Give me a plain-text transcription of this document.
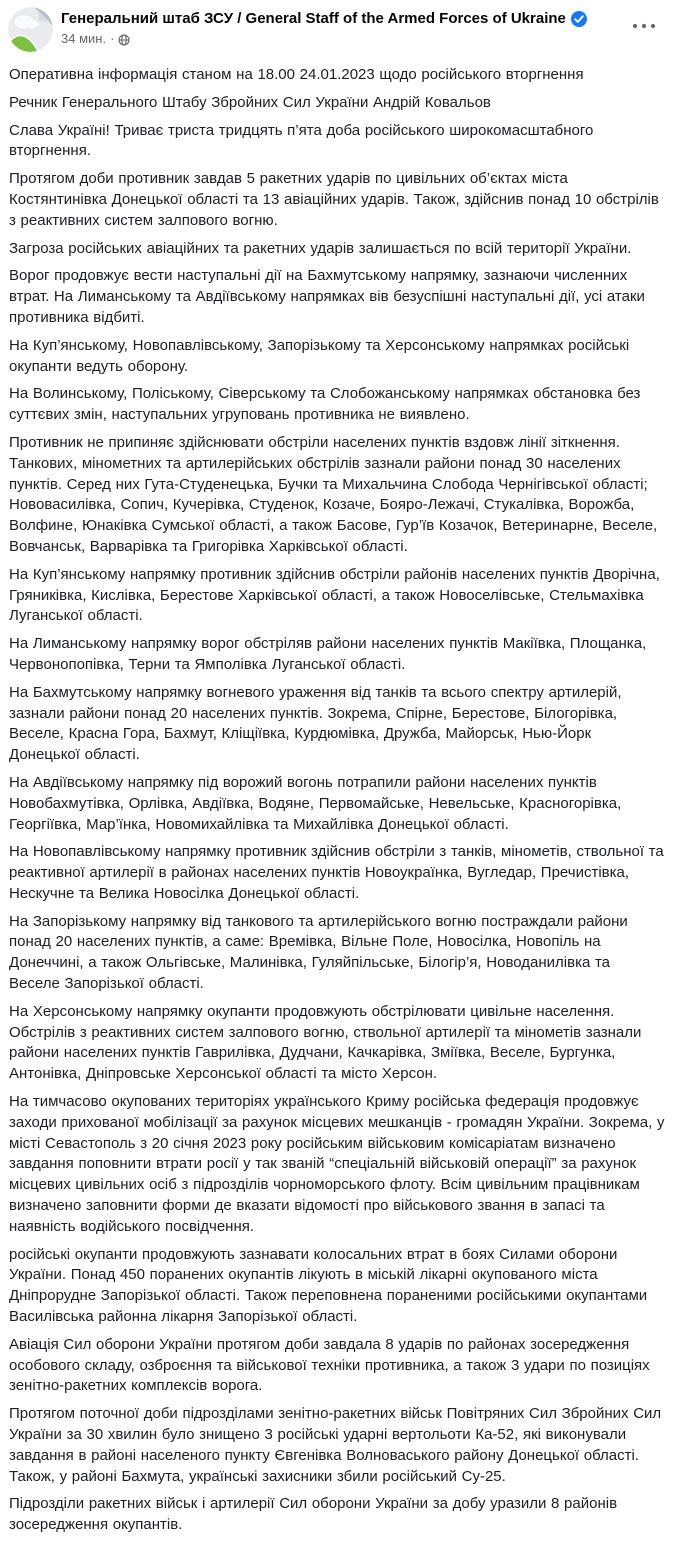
Генеральний штаб ЗСУ / General Staff of the Armed Forces of Ukraine
34 мин. ·

Оперативна інформація станом на 18.00 24.01.2023 щодо російського вторгнення

Речник Генерального Штабу Збройних Сил України Андрій Ковальов

Слава Україні! Триває триста тридцять п’ята доба російського широкомасштабного вторгнення.

Протягом доби противник завдав 5 ракетних ударів по цивільних об’єктах міста Костянтинівка Донецької області та 13 авіаційних ударів. Також, здійснив понад 10 обстрілів з реактивних систем залпового вогню.

Загроза російських авіаційних та ракетних ударів залишається по всій території України.

Ворог продовжує вести наступальні дії на Бахмутському напрямку, зазнаючи численних втрат. На Лиманському та Авдіївському напрямках вів безуспішні наступальні дії, усі атаки противника відбиті.

На Куп’янському, Новопавлівському, Запорізькому та Херсонському напрямках російські окупанти ведуть оборону.

На Волинському, Поліському, Сіверському та Слобожанському напрямках обстановка без суттєвих змін, наступальних угруповань противника не виявлено.

Противник не припиняє здійснювати обстріли населених пунктів вздовж лінії зіткнення. Танкових, мінометних та артилерійських обстрілів зазнали райони понад 30 населених пунктів. Серед них Гута-Студенецька, Бучки та Михальчина Слобода Чернігівської області; Нововасилівка, Сопич, Кучерівка, Студенок, Козаче, Бояро-Лежачі, Стукалівка, Ворожба, Волфине, Юнаківка Сумської області, а також Басове, Гур’їв Козачок, Ветеринарне, Веселе, Вовчанськ, Варварівка та Григорівка Харківської області.

На Куп’янському напрямку противник здійснив обстріли районів населених пунктів Дворічна, Гряниківка, Кислівка, Берестове Харківської області, а також Новоселівське, Стельмахівка Луганської області.

На Лиманському напрямку ворог обстріляв райони населених пунктів Макіївка, Площанка, Червонопопівка, Терни та Ямполівка Луганської області.

На Бахмутському напрямку вогневого ураження від танків та всього спектру артилерій, зазнали райони понад 20 населених пунктів. Зокрема, Спірне, Берестове, Білогорівка, Веселе, Красна Гора, Бахмут, Кліщіївка, Курдюмівка, Дружба, Майорськ, Нью-Йорк Донецької області.

На Авдіївському напрямку під ворожий вогонь потрапили райони населених пунктів Новобахмутівка, Орлівка, Авдіївка, Водяне, Первомайське, Невельське, Красногорівка, Георгіївка, Мар’їнка, Новомихайлівка та Михайлівка Донецької області.

На Новопавлівському напрямку противник здійснив обстріли з танків, мінометів, ствольної та реактивної артилерії в районах населених пунктів Новоукраїнка, Вугледар, Пречистівка, Нескучне та Велика Новосілка Донецької області.

На Запорізькому напрямку від танкового та артилерійського вогню постраждали райони понад 20 населених пунктів, а саме: Времівка, Вільне Поле, Новосілка, Новопіль на Донеччині, а також Ольгівське, Малинівка, Гуляйпільське, Білогір’я, Новоданилівка та Веселе Запорізької області.

На Херсонському напрямку окупанти продовжують обстрілювати цивільне населення. Обстрілів з реактивних систем залпового вогню, ствольної артилерії та мінометів зазнали райони населених пунктів Гаврилівка, Дудчани, Качкарівка, Зміївка, Веселе, Бургунка, Антонівка, Дніпровське Херсонської області та місто Херсон.

На тимчасово окупованих територіях українського Криму російська федерація продовжує заходи прихованої мобілізації за рахунок місцевих мешканців - громадян України. Зокрема, у місті Севастополь з 20 січня 2023 року російським військовим комісаріатам визначено завдання поповнити втрати росії у так званій “спеціальній військовій операції” за рахунок місцевих цивільних осіб з підрозділів чорноморського флоту. Всім цивільним працівникам визначено заповнити форми де вказати відомості про військового звання в запасі та наявність водійського посвідчення.

російські окупанти продовжують зазнавати колосальних втрат в боях Силами оборони України. Понад 450 поранених окупантів лікують в міській лікарні окупованого міста Дніпрорудне Запорізької області. Також переповнена пораненими російськими окупантами Василівська районна лікарня Запорізької області.

Авіація Сил оборони України протягом доби завдала 8 ударів по районах зосередження особового складу, озброєння та військової техніки противника, а також 3 удари по позиціях зенітно-ракетних комплексів ворога.

Протягом поточної доби підрозділами зенітно-ракетних військ Повітряних Сил Збройних Сил України за 30 хвилин було знищено 3 російські ударні вертольоти Ка-52, які виконували завдання в районі населеного пункту Євгенівка Волноваського району Донецької області. Також, у районі Бахмута, українські захисники збили російський Су-25.

Підрозділи ракетних військ і артилерії Сил оборони України за добу уразили 8 районів зосередження окупантів.
